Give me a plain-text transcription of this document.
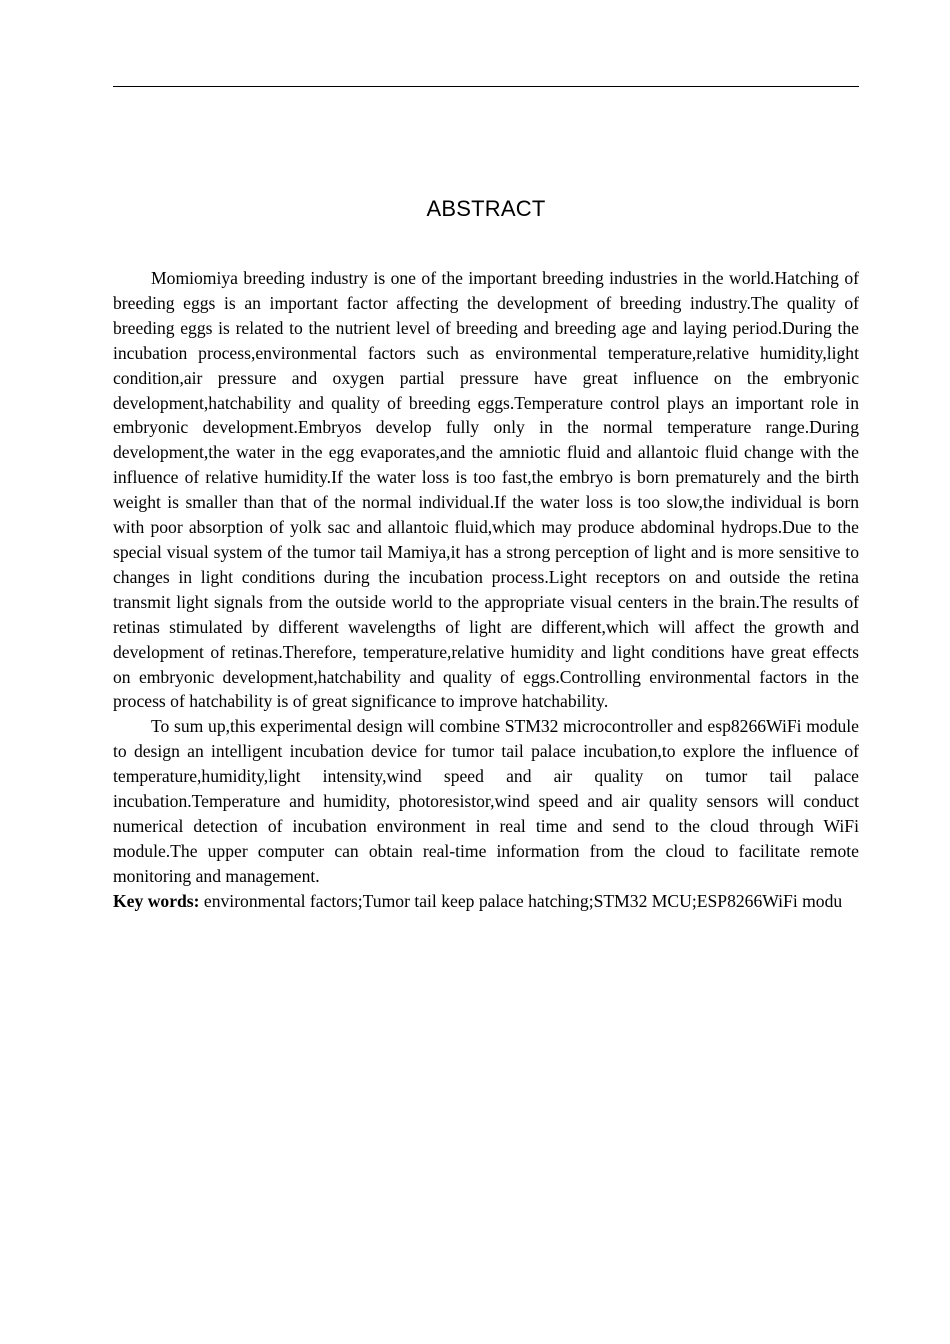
ABSTRACT

Momiomiya breeding industry is one of the important breeding industries in the world.Hatching of breeding eggs is an important factor affecting the development of breeding industry.The quality of breeding eggs is related to the nutrient level of breeding and breeding age and laying period.During the incubation process,environmental factors such as environmental temperature,relative humidity,light condition,air pressure and oxygen partial pressure have great influence on the embryonic development,hatchability and quality of breeding eggs.Temperature control plays an important role in embryonic development.Embryos develop fully only in the normal temperature range.During development,the water in the egg evaporates,and the amniotic fluid and allantoic fluid change with the influence of relative humidity.If the water loss is too fast,the embryo is born prematurely and the birth weight is smaller than that of the normal individual.If the water loss is too slow,the individual is born with poor absorption of yolk sac and allantoic fluid,which may produce abdominal hydrops.Due to the special visual system of the tumor tail Mamiya,it has a strong perception of light and is more sensitive to changes in light conditions during the incubation process.Light receptors on and outside the retina transmit light signals from the outside world to the appropriate visual centers in the brain.The results of retinas stimulated by different wavelengths of light are different,which will affect the growth and development of retinas.Therefore, temperature,relative humidity and light conditions have great effects on embryonic development,hatchability and quality of eggs.Controlling environmental factors in the process of hatchability is of great significance to improve hatchability.

To sum up,this experimental design will combine STM32 microcontroller and esp8266WiFi module to design an intelligent incubation device for tumor tail palace incubation,to explore the influence of temperature,humidity,light intensity,wind speed and air quality on tumor tail palace incubation.Temperature and humidity, photoresistor,wind speed and air quality sensors will conduct numerical detection of incubation environment in real time and send to the cloud through WiFi module.The upper computer can obtain real-time information from the cloud to facilitate remote monitoring and management.

Key words: environmental factors;Tumor tail keep palace hatching;STM32 MCU;ESP8266WiFi modu
